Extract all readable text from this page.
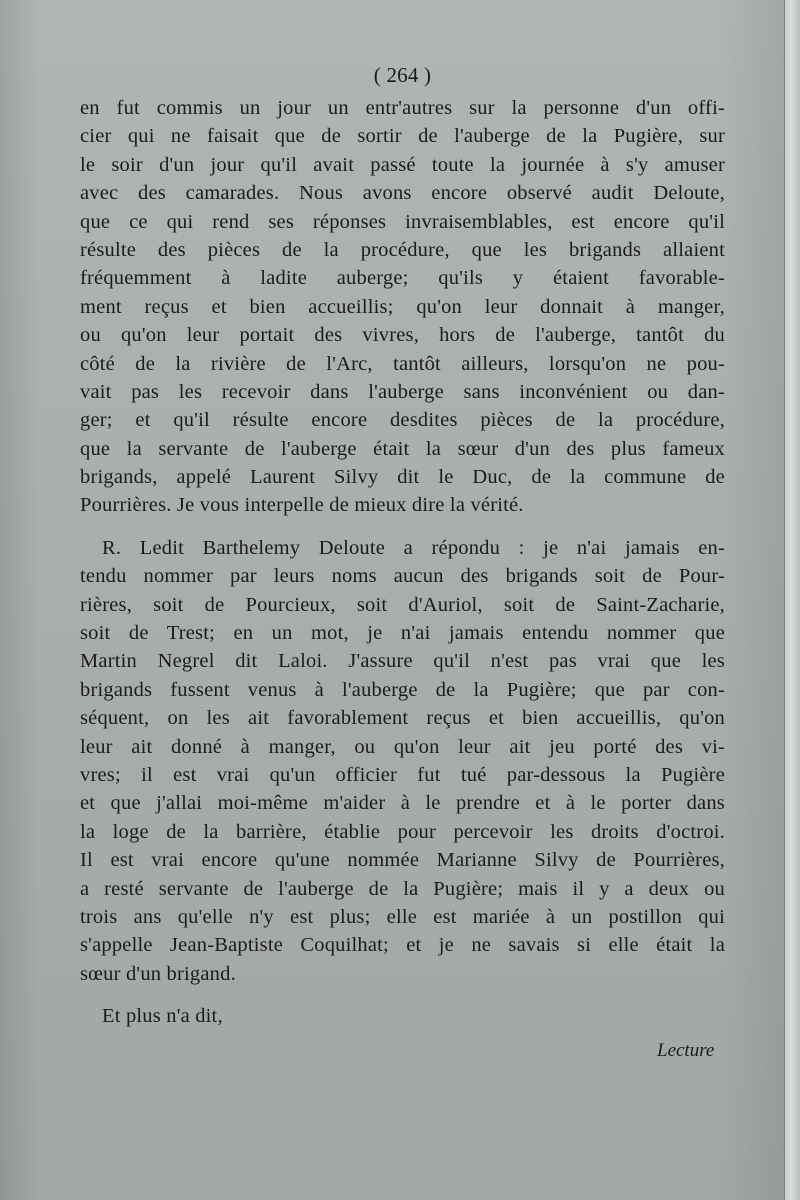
( 264 )
en fut commis un jour un entr'autres sur la personne d'un offi-
cier qui ne faisait que de sortir de l'auberge de la Pugière, sur
le soir d'un jour qu'il avait passé toute la journée à s'y amuser
avec des camarades. Nous avons encore observé audit Deloute,
que ce qui rend ses réponses invraisemblables, est encore qu'il
résulte des pièces de la procédure, que les brigands allaient
fréquemment à ladite auberge; qu'ils y étaient favorable-
ment reçus et bien accueillis; qu'on leur donnait à manger,
ou qu'on leur portait des vivres, hors de l'auberge, tantôt du
côté de la rivière de l'Arc, tantôt ailleurs, lorsqu'on ne pou-
vait pas les recevoir dans l'auberge sans inconvénient ou dan-
ger; et qu'il résulte encore desdites pièces de la procédure,
que la servante de l'auberge était la sœur d'un des plus fameux
brigands, appelé Laurent Silvy dit le Duc, de la commune de
Pourrières. Je vous interpelle de mieux dire la vérité.
R. Ledit Barthelemy Deloute a répondu : je n'ai jamais en-
tendu nommer par leurs noms aucun des brigands soit de Pour-
rières, soit de Pourcieux, soit d'Auriol, soit de Saint-Zacharie,
soit de Trest; en un mot, je n'ai jamais entendu nommer que
Martin Negrel dit Laloi. J'assure qu'il n'est pas vrai que les
brigands fussent venus à l'auberge de la Pugière; que par con-
séquent, on les ait favorablement reçus et bien accueillis, qu'on
leur ait donné à manger, ou qu'on leur ait jeu porté des vi-
vres; il est vrai qu'un officier fut tué par-dessous la Pugière
et que j'allai moi-même m'aider à le prendre et à le porter dans
la loge de la barrière, établie pour percevoir les droits d'octroi.
Il est vrai encore qu'une nommée Marianne Silvy de Pourrières,
a resté servante de l'auberge de la Pugière; mais il y a deux ou
trois ans qu'elle n'y est plus; elle est mariée à un postillon qui
s'appelle Jean-Baptiste Coquilhat; et je ne savais si elle était la
sœur d'un brigand.
Et plus n'a dit,
Lecture
